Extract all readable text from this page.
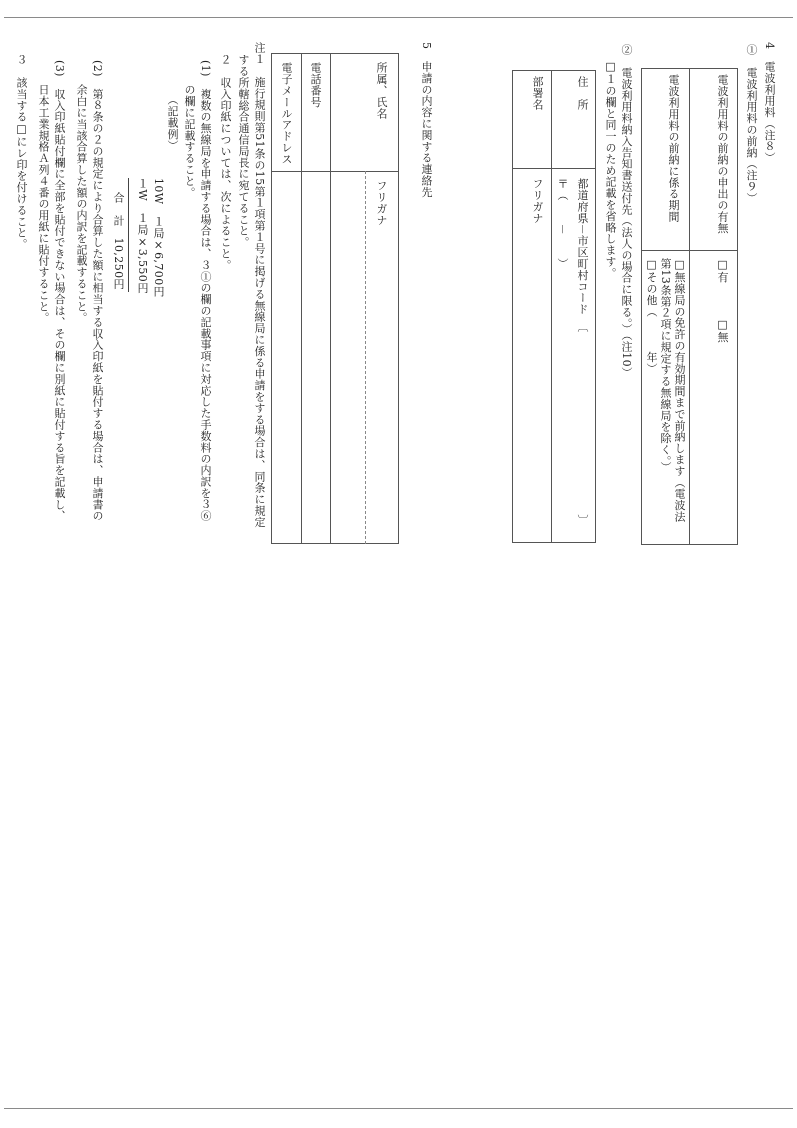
4　電波利用料（注８）
①　電波利用料の前納（注９）
電波利用料の前納の申出の有無
□有
□無
電波利用料の前納に係る期間
□無線局の免許の有効期間まで前納します（電波法
第13条第２項に規定する無線局を除く。）
□その他（　　　年）
②　電波利用料納入告知書送付先（法人の場合に限る。）（注10）
□１の欄と同一のため記載を省略します。
住　所
都道府県－市区町村コード　〔　　　　　　　　　　　　　　　　〕
〒（　　－　　）
部署名
フリガナ
5　申請の内容に関する連絡先
所属、氏名
フリガナ
電話番号
電子メールアドレス
注１　施行規則第51条の15第１項第１号に掲げる無線局に係る申請をする場合は、同条に規定
する所轄総合通信局長に宛てること。
２　収入印紙については、次によること。
(1)　複数の無線局を申請する場合は、３①の欄の記載事項に対応した手数料の内訳を３⑥
の欄に記載すること。
（記載例）
10W　１局×6,700円
１W　１局×3,550円
合　計　10,250円
(2)　第８条の２の規定により合算した額に相当する収入印紙を貼付する場合は、申請書の
余白に当該合算した額の内訳を記載すること。
(3)　収入印紙貼付欄に全部を貼付できない場合は、その欄に別紙に貼付する旨を記載し、
日本工業規格Ａ列４番の用紙に貼付すること。
３　該当する□にレ印を付けること。
